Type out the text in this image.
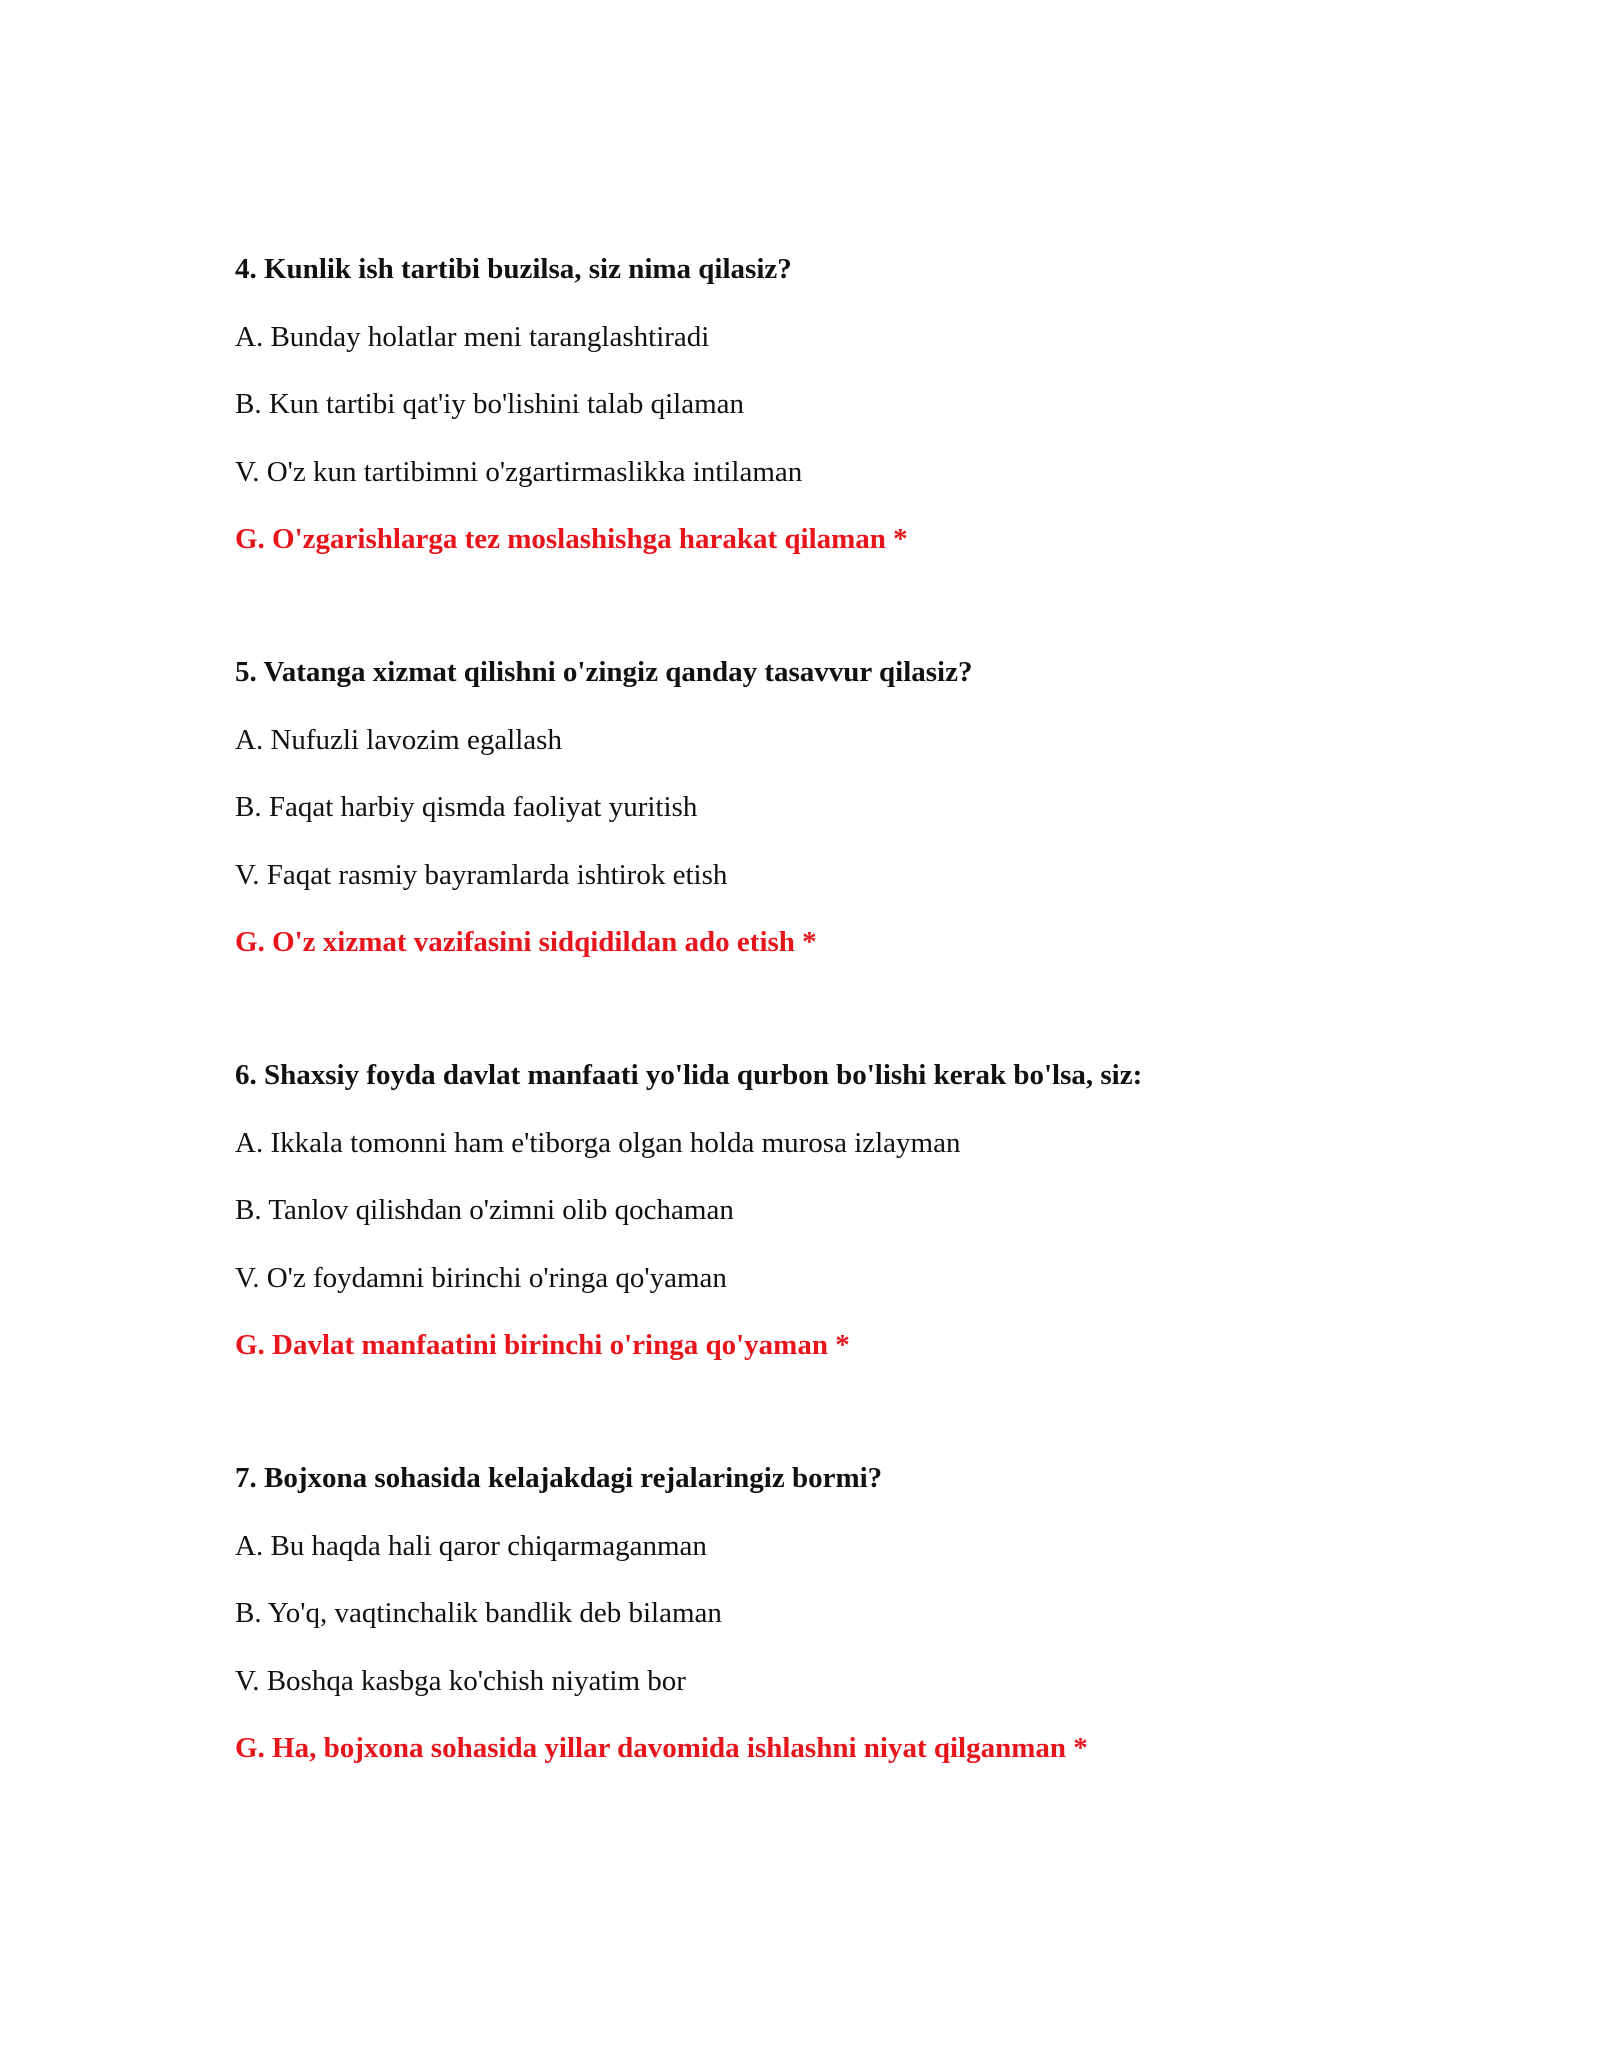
4. Kunlik ish tartibi buzilsa, siz nima qilasiz?
A. Bunday holatlar meni taranglashtiradi
B. Kun tartibi qat'iy bo'lishini talab qilaman
V. O'z kun tartibimni o'zgartirmaslikka intilaman
G. O'zgarishlarga tez moslashishga harakat qilaman *
5. Vatanga xizmat qilishni o'zingiz qanday tasavvur qilasiz?
A. Nufuzli lavozim egallash
B. Faqat harbiy qismda faoliyat yuritish
V. Faqat rasmiy bayramlarda ishtirok etish
G. O'z xizmat vazifasini sidqidildan ado etish *
6. Shaxsiy foyda davlat manfaati yo'lida qurbon bo'lishi kerak bo'lsa, siz:
A. Ikkala tomonni ham e'tiborga olgan holda murosa izlayman
B. Tanlov qilishdan o'zimni olib qochaman
V. O'z foydamni birinchi o'ringa qo'yaman
G. Davlat manfaatini birinchi o'ringa qo'yaman *
7. Bojxona sohasida kelajakdagi rejalaringiz bormi?
A. Bu haqda hali qaror chiqarmaganman
B. Yo'q, vaqtinchalik bandlik deb bilaman
V. Boshqa kasbga ko'chish niyatim bor
G. Ha, bojxona sohasida yillar davomida ishlashni niyat qilganman *
